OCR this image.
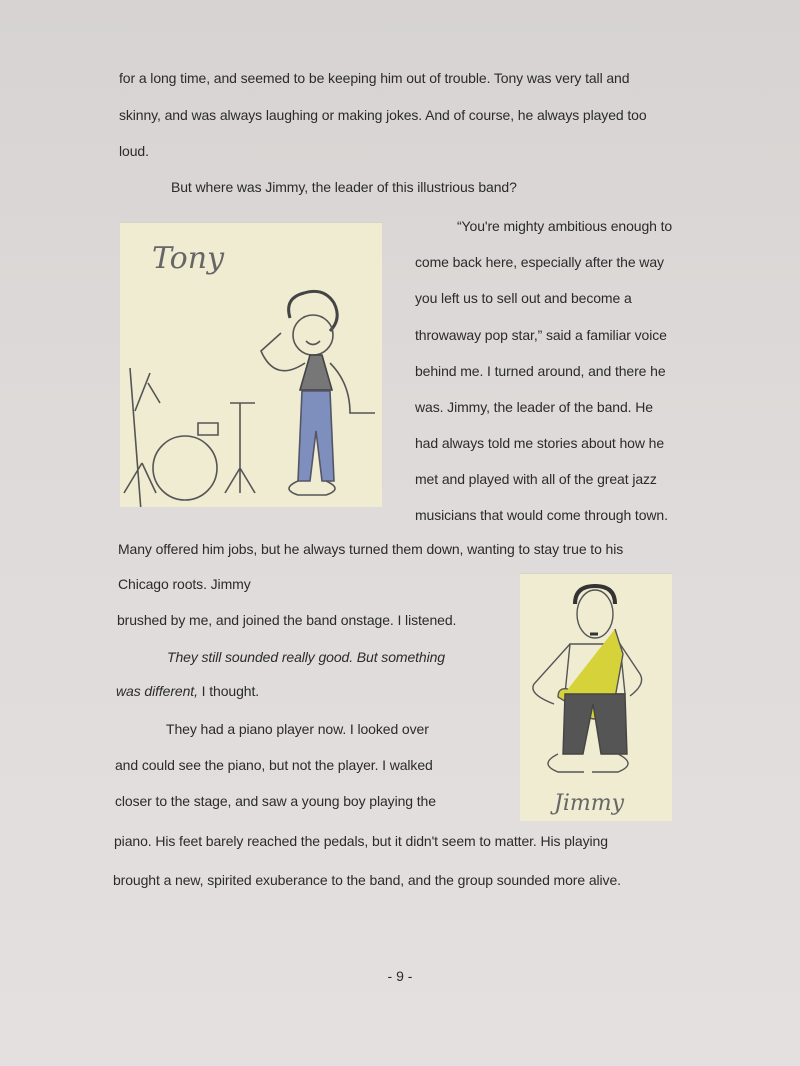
for a long time, and seemed to be keeping him out of trouble. Tony was very tall and
skinny, and was always laughing or making jokes. And of course, he always played too
loud.
But where was Jimmy, the leader of this illustrious band?
Tony
“You're mighty ambitious enough to
come back here, especially after the way
you left us to sell out and become a
throwaway pop star,” said a familiar voice
behind me. I turned around, and there he
was. Jimmy, the leader of the band. He
had always told me stories about how he
met and played with all of the great jazz
musicians that would come through town.
Many offered him jobs, but he always turned them down, wanting to stay true to his
Chicago roots. Jimmy
brushed by me, and joined the band onstage. I listened.
They still sounded really good. But something
was different, I thought.
They had a piano player now. I looked over
and could see the piano, but not the player. I walked
closer to the stage, and saw a young boy playing the	Jimmy
piano. His feet barely reached the pedals, but it didn't seem to matter. His playing
brought a new, spirited exuberance to the band, and the group sounded more alive.
- 9 -
